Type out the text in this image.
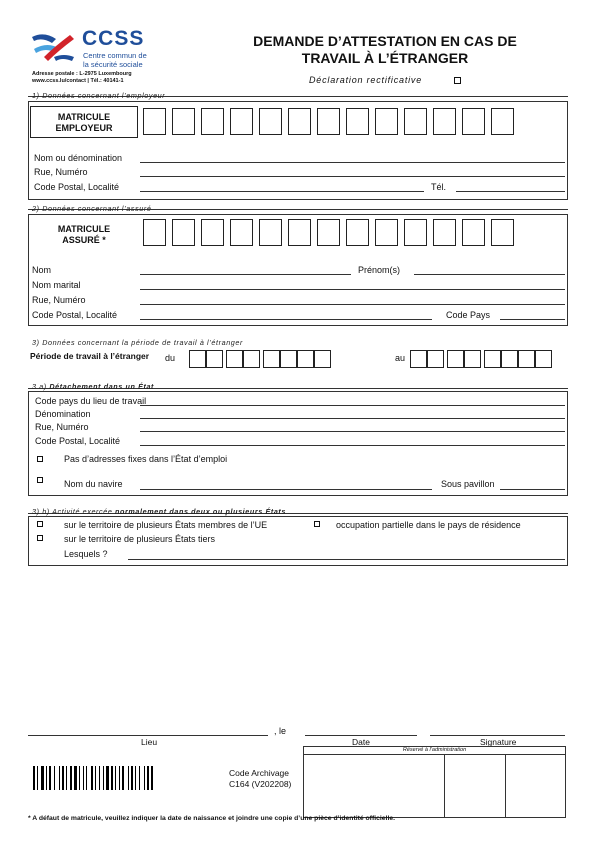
CCSS
Centre commun de
la sécurité sociale
Adresse postale : L-2975 Luxembourg
www.ccss.lu/contact | Tél.: 40141-1
DEMANDE D’ATTESTATION EN CAS DE
TRAVAIL À L’ÉTRANGER
Déclaration rectificative
1) Données concernant l’employeur
MATRICULE
EMPLOYEUR
Nom ou dénomination
Rue, Numéro
Code Postal, Localité	Tél.
2) Données concernant l’assuré
MATRICULE
ASSURÉ *
Nom	Prénom(s)
Nom marital
Rue, Numéro
Code Postal, Localité	Code Pays
3) Données concernant la période de travail à l’étranger
Période de travail à l’étranger du	au
3 a) Détachement dans un État
Code pays du lieu de travail
Dénomination
Rue, Numéro
Code Postal, Localité
Pas d’adresses fixes dans l’État d’emploi
Nom du navire	Sous pavillon
3) b) Activité exercée normalement dans deux ou plusieurs États
sur le territoire de plusieurs États membres de l’UE	occupation partielle dans le pays de résidence
sur le territoire de plusieurs États tiers
Lesquels ?
, le
Lieu	Date	Signature
Réservé à l’administration
Code Archivage
C164 (V202208)
* A défaut de matricule, veuillez indiquer la date de naissance et joindre une copie d’une pièce d’identité officielle.
